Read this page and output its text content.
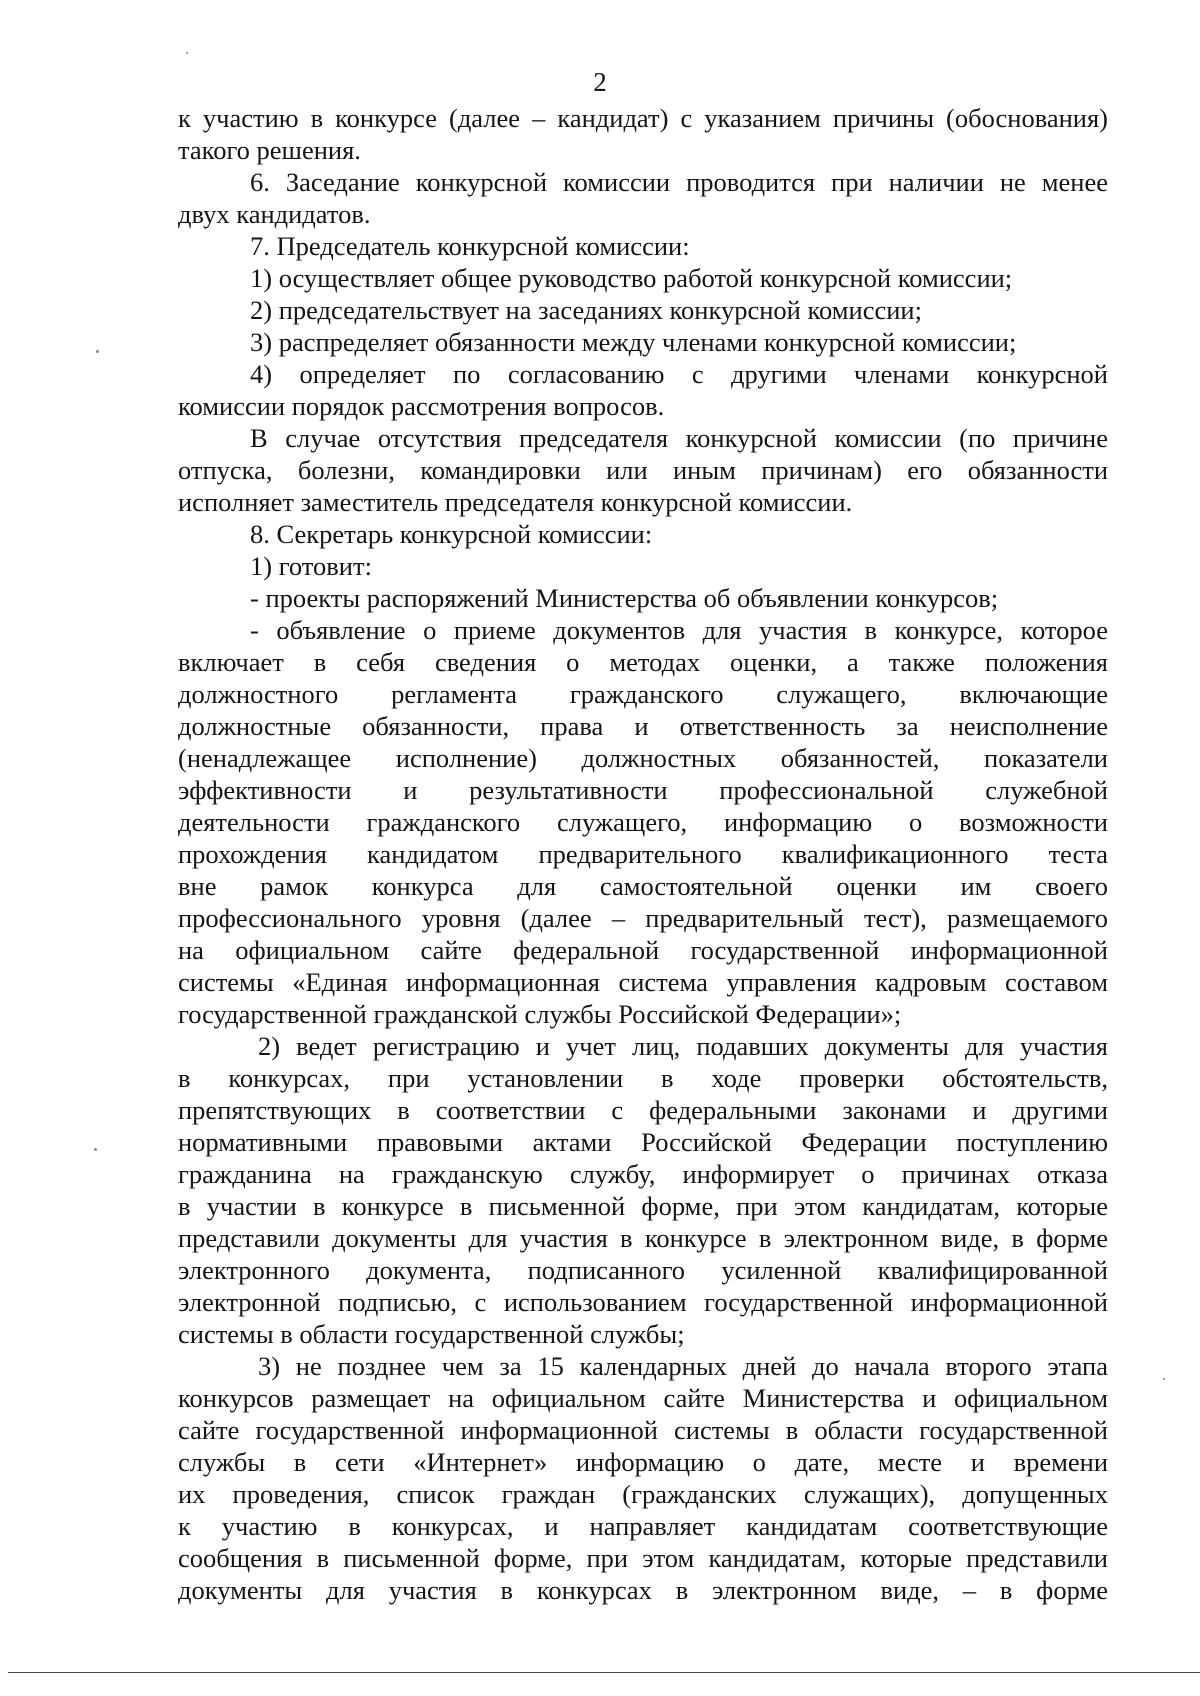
2
к участию в конкурсе (далее – кандидат) с указанием причины (обоснования)
такого решения.
6. Заседание конкурсной комиссии проводится при наличии не менее
двух кандидатов.
7. Председатель конкурсной комиссии:
1) осуществляет общее руководство работой конкурсной комиссии;
2) председательствует на заседаниях конкурсной комиссии;
3) распределяет обязанности между членами конкурсной комиссии;
4) определяет по согласованию с другими членами конкурсной
комиссии порядок рассмотрения вопросов.
В случае отсутствия председателя конкурсной комиссии (по причине
отпуска, болезни, командировки или иным причинам) его обязанности
исполняет заместитель председателя конкурсной комиссии.
8. Секретарь конкурсной комиссии:
1) готовит:
- проекты распоряжений Министерства об объявлении конкурсов;
- объявление о приеме документов для участия в конкурсе, которое
включает в себя сведения о методах оценки, а также положения
должностного регламента гражданского служащего, включающие
должностные обязанности, права и ответственность за неисполнение
(ненадлежащее исполнение) должностных обязанностей, показатели
эффективности и результативности профессиональной служебной
деятельности гражданского служащего, информацию о возможности
прохождения кандидатом предварительного квалификационного теста
вне рамок конкурса для самостоятельной оценки им своего
профессионального уровня (далее – предварительный тест), размещаемого
на официальном сайте федеральной государственной информационной
системы «Единая информационная система управления кадровым составом
государственной гражданской службы Российской Федерации»;
2) ведет регистрацию и учет лиц, подавших документы для участия
в конкурсах, при установлении в ходе проверки обстоятельств,
препятствующих в соответствии с федеральными законами и другими
нормативными правовыми актами Российской Федерации поступлению
гражданина на гражданскую службу, информирует о причинах отказа
в участии в конкурсе в письменной форме, при этом кандидатам, которые
представили документы для участия в конкурсе в электронном виде, в форме
электронного документа, подписанного усиленной квалифицированной
электронной подписью, с использованием государственной информационной
системы в области государственной службы;
3) не позднее чем за 15 календарных дней до начала второго этапа
конкурсов размещает на официальном сайте Министерства и официальном
сайте государственной информационной системы в области государственной
службы в сети «Интернет» информацию о дате, месте и времени
их проведения, список граждан (гражданских служащих), допущенных
к участию в конкурсах, и направляет кандидатам соответствующие
сообщения в письменной форме, при этом кандидатам, которые представили
документы для участия в конкурсах в электронном виде, – в форме
